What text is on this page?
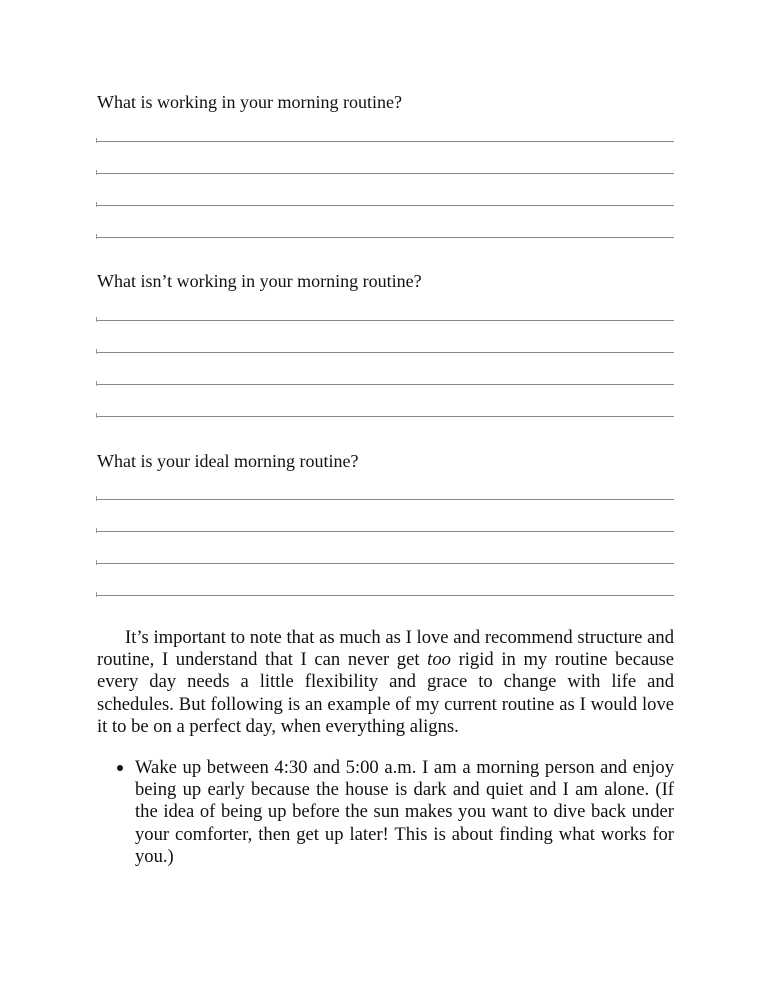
What is working in your morning routine?

What isn’t working in your morning routine?

What is your ideal morning routine?

It’s important to note that as much as I love and recommend structure and routine, I understand that I can never get too rigid in my routine because every day needs a little flexibility and grace to change with life and schedules. But following is an example of my current routine as I would love it to be on a perfect day, when everything aligns.

Wake up between 4:30 and 5:00 a.m. I am a morning person and enjoy being up early because the house is dark and quiet and I am alone. (If the idea of being up before the sun makes you want to dive back under your comforter, then get up later! This is about finding what works for you.)
